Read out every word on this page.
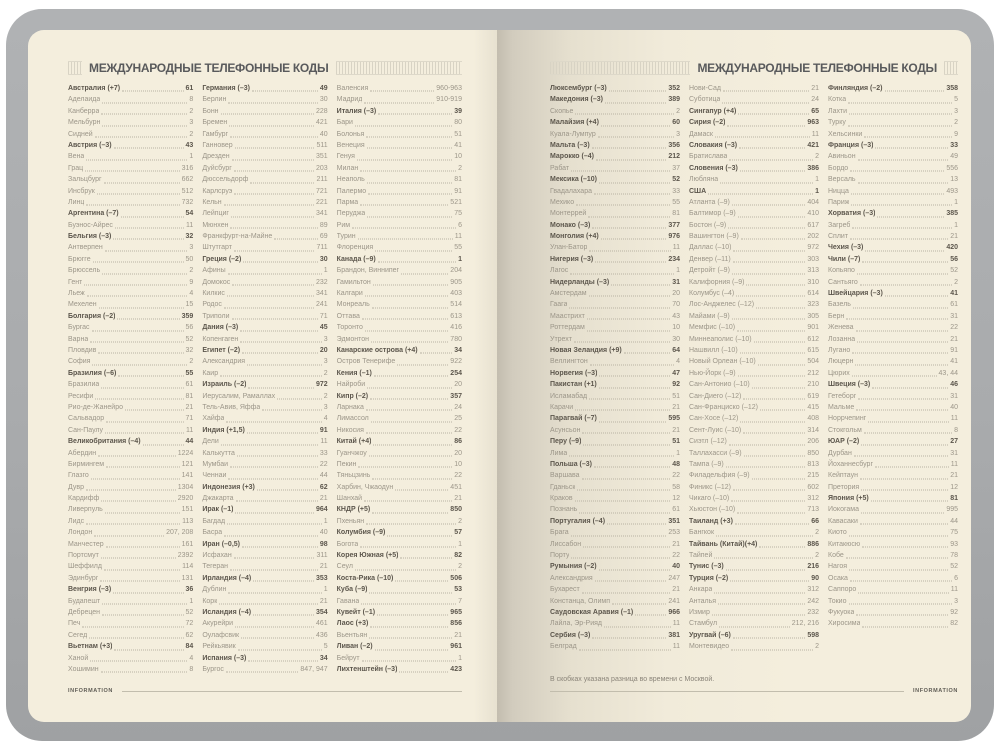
МЕЖДУНАРОДНЫЕ ТЕЛЕФОННЫЕ КОДЫ
Австралия (+7)	61
Аделаида	8
Канберра	2
Мельбурн	3
Сидней	2
Австрия (–3)	43
Вена	1
Грац	316
Зальцбург	662
Инсбрук	512
Линц	732
Аргентина (–7)	54
Буэнос-Айрес	11
Бельгия (–3)	32
Антверпен	3
Брюгге	50
Брюссель	2
Гент	9
Льеж	4
Мехелен	15
Болгария (–2)	359
Бургас	56
Варна	52
Пловдив	32
София	2
Бразилия (–6)	55
Бразилиа	61
Ресифи	81
Рио-де-Жанейро	21
Сальвадор	71
Сан-Паулу	11
Великобритания (–4)	44
Абердин	1224
Бирмингем	121
Глазго	141
Дувр	1304
Кардифф	2920
Ливерпуль	151
Лидс	113
Лондон	207, 208
Манчестер	161
Портсмут	2392
Шеффилд	114
Эдинбург	131
Венгрия (–3)	36
Будапешт	1
Дебрецен	52
Печ	72
Сегед	62
Вьетнам (+3)	84
Ханой	4
Хошимин	8
Германия (–3)	49
Берлин	30
Бонн	228
Бремен	421
Гамбург	40
Ганновер	511
Дрезден	351
Дуйсбург	203
Дюссельдорф	211
Карлсруэ	721
Кельн	221
Лейпциг	341
Мюнхен	89
Франкфурт-на-Майне	69
Штутгарт	711
Греция (–2)	30
Афины	1
Домокос	232
Килкис	341
Родос	241
Триполи	71
Дания (–3)	45
Копенгаген	3
Египет (–2)	20
Александрия	3
Каир	2
Израиль (–2)	972
Иерусалим, Рамаллах	2
Тель-Авив, Яффа	3
Хайфа	4
Индия (+1,5)	91
Дели	11
Калькутта	33
Мумбаи	22
Ченнаи	44
Индонезия (+3)	62
Джакарта	21
Ирак (–1)	964
Багдад	1
Басра	40
Иран (–0,5)	98
Исфахан	311
Тегеран	21
Ирландия (–4)	353
Дублин	1
Корк	21
Исландия (–4)	354
Акурейри	461
Оулафсвик	436
Рейкьявик	5
Испания (–3)	34
Бургос	847, 947
Валенсия	960-963
Мадрид	910-919
Италия (–3)	39
Бари	80
Болонья	51
Венеция	41
Генуя	10
Милан	2
Неаполь	81
Палермо	91
Парма	521
Перуджа	75
Рим	6
Турин	11
Флоренция	55
Канада (–9)	1
Брандон, Виннипег	204
Гамильтон	905
Калгари	403
Монреаль	514
Оттава	613
Торонто	416
Эдмонтон	780
Канарские острова (+4)	34
Остров Тенерифе	922
Кения (–1)	254
Найроби	20
Кипр (–2)	357
Ларнака	24
Лимассол	25
Никосия	22
Китай (+4)	86
Гуанчжоу	20
Пекин	10
Тяньцзинь	22
Харбин, Чжаодун	451
Шанхай	21
КНДР (+5)	850
Пхеньян	2
Колумбия (–9)	57
Богота	1
Корея Южная (+5)	82
Сеул	2
Коста-Рика (–10)	506
Куба (–9)	53
Гавана	7
Кувейт (–1)	965
Лаос (+3)	856
Вьентьян	21
Ливан (–2)	961
Бейрут	1
Лихтенштейн (–3)	423
INFORMATION
МЕЖДУНАРОДНЫЕ ТЕЛЕФОННЫЕ КОДЫ
Люксембург (–3)	352
Македония (–3)	389
Скопье	2
Малайзия (+4)	60
Куала-Лумпур	3
Мальта (–3)	356
Марокко (–4)	212
Рабат	37
Мексика (–10)	52
Гвадалахара	33
Мехико	55
Монтеррей	81
Монако (–3)	377
Монголия (+4)	976
Улан-Батор	11
Нигерия (–3)	234
Лагос	1
Нидерланды (–3)	31
Амстердам	20
Гаага	70
Маастрихт	43
Роттердам	10
Утрехт	30
Новая Зеландия (+9)	64
Веллингтон	4
Норвегия (–3)	47
Пакистан (+1)	92
Исламабад	51
Карачи	21
Парагвай (–7)	595
Асунсьон	21
Перу (–9)	51
Лима	1
Польша (–3)	48
Варшава	22
Гданьск	58
Краков	12
Познань	61
Португалия (–4)	351
Брага	253
Лиссабон	21
Порту	22
Румыния (–2)	40
Александрия	247
Бухарест	21
Констанца, Олимп	241
Саудовская Аравия (–1)	966
Лайла, Эр-Рияд	11
Сербия (–3)	381
Белград	11
Нови-Сад	21
Суботица	24
Сингапур (+4)	65
Сирия (–2)	963
Дамаск	11
Словакия (–3)	421
Братислава	2
Словения (–3)	386
Любляна	1
США	1
Атланта (–9)	404
Балтимор (–9)	410
Бостон (–9)	617
Вашингтон (–9)	202
Даллас (–10)	972
Денвер (–11)	303
Детройт (–9)	313
Калифорния (–9)	310
Колумбус (–4)	614
Лос-Анджелес (–12)	323
Майами (–9)	305
Мемфис (–10)	901
Миннеаполис (–10)	612
Нашвилл (–10)	615
Новый Орлеан (–10)	504
Нью-Йорк (–9)	212
Сан-Антонио (–10)	210
Сан-Диего (–12)	619
Сан-Франциско (–12)	415
Сан-Хосе (–12)	408
Сент-Луис (–10)	314
Сиэтл (–12)	206
Таллахасси (–9)	850
Тампа (–9)	813
Филадельфия (–9)	215
Финикс (–12)	602
Чикаго (–10)	312
Хьюстон (–10)	713
Таиланд (+3)	66
Бангкок	2
Тайвань (Китай)(+4)	886
Тайпей	2
Тунис (–3)	216
Турция (–2)	90
Анкара	312
Анталья	242
Измир	232
Стамбул	212, 216
Уругвай (–6)	598
Монтевидео	2
Финляндия (–2)	358
Котка	5
Лахти	3
Турку	2
Хельсинки	9
Франция (–3)	33
Авиньон	49
Бордо	556
Версаль	13
Ницца	493
Париж	1
Хорватия (–3)	385
Загреб	1
Сплит	21
Чехия (–3)	420
Чили (–7)	56
Копьяпо	52
Сантьяго	2
Швейцария (–3)	41
Базель	61
Берн	31
Женева	22
Лозанна	21
Лугано	91
Люцерн	41
Цюрих	43, 44
Швеция (–3)	46
Гетеборг	31
Мальме	40
Норрчепинг	11
Стокгольм	8
ЮАР (–2)	27
Дурбан	31
Йоханнесбург	11
Кейптаун	21
Претория	12
Япония (+5)	81
Иокогама	995
Кавасаки	44
Киото	75
Китакюсю	93
Кобе	78
Нагоя	52
Осака	6
Саппоро	11
Токио	3
Фукуока	92
Хиросима	82
В скобках указана разница во времени с Москвой.
INFORMATION
